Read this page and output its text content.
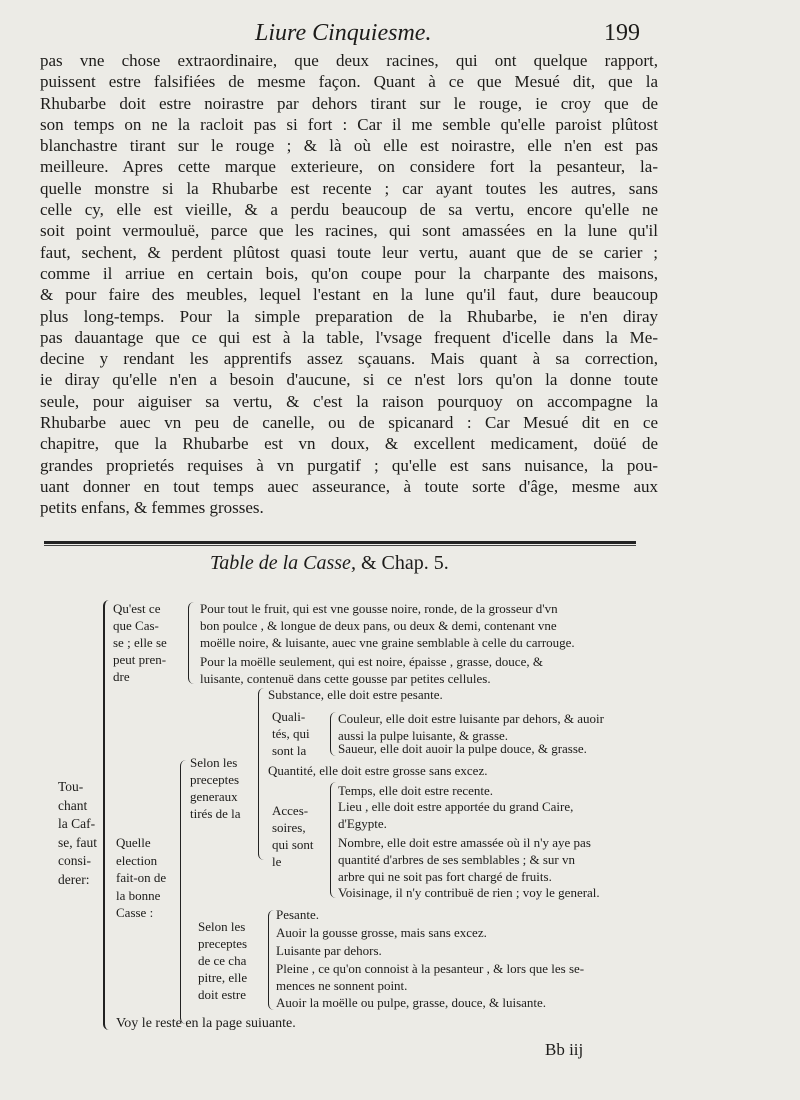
Liure Cinquiesme.	199
pas vne chose extraordinaire, que deux racines, qui ont quelque rapport,
puissent estre falsifiées de mesme façon. Quant à ce que Mesué dit, que la
Rhubarbe doit estre noirastre par dehors tirant sur le rouge, ie croy que de
son temps on ne la racloit pas si fort : Car il me semble qu'elle paroist plûtost
blanchastre tirant sur le rouge ; & là où elle est noirastre, elle n'en est pas
meilleure. Apres cette marque exterieure, on considere fort la pesanteur, la-
quelle monstre si la Rhubarbe est recente ; car ayant toutes les autres, sans
celle cy, elle est vieille, & a perdu beaucoup de sa vertu, encore qu'elle ne
soit point vermouluë, parce que les racines, qui sont amassées en la lune qu'il
faut, sechent, & perdent plûtost quasi toute leur vertu, auant que de se carier ;
comme il arriue en certain bois, qu'on coupe pour la charpante des maisons,
& pour faire des meubles, lequel l'estant en la lune qu'il faut, dure beaucoup
plus long-temps. Pour la simple preparation de la Rhubarbe, ie n'en diray
pas dauantage que ce qui est à la table, l'vsage frequent d'icelle dans la Me-
decine y rendant les apprentifs assez sçauans. Mais quant à sa correction,
ie diray qu'elle n'en a besoin d'aucune, si ce n'est lors qu'on la donne toute
seule, pour aiguiser sa vertu, & c'est la raison pourquoy on accompagne la
Rhubarbe auec vn peu de canelle, ou de spicanard : Car Mesué dit en ce
chapitre, que la Rhubarbe est vn doux, & excellent medicament, doüé de
grandes proprietés requises à vn purgatif ; qu'elle est sans nuisance, la pou-
uant donner en tout temps auec asseurance, à toute sorte d'âge, mesme aux
petits enfans, & femmes grosses.
Table de la Casse, & Chap. 5.
Tou-
chant
la Caf-
se, faut
consi-
derer:
Qu'est ce
que Cas-
se ; elle se
peut pren-
dre
Pour tout le fruit, qui est vne gousse noire, ronde, de la grosseur d'vn
bon poulce , & longue de deux pans, ou deux & demi, contenant vne
moëlle noire, & luisante, auec vne graine semblable à celle du carrouge.
Pour la moëlle seulement, qui est noire, épaisse , grasse, douce, &
luisante, contenuë dans cette gousse par petites cellules.
Quelle
election
fait-on de
la bonne
Casse :
Selon les
preceptes
generaux
tirés de la
Substance, elle doit estre pesante.
Quali-
tés, qui
sont la
Couleur, elle doit estre luisante par dehors, & auoir
aussi la pulpe luisante, & grasse.
Saueur, elle doit auoir la pulpe douce, & grasse.
Quantité, elle doit estre grosse sans excez.
Acces-
soires,
qui sont
le
Temps, elle doit estre recente.
Lieu , elle doit estre apportée du grand Caire,
d'Egypte.
Nombre, elle doit estre amassée où il n'y aye pas
quantité d'arbres de ses semblables ; & sur vn
arbre qui ne soit pas fort chargé de fruits.
Voisinage, il n'y contribuë de rien ; voy le general.
Selon les
preceptes
de ce cha
pitre, elle
doit estre
Pesante.
Auoir la gousse grosse, mais sans excez.
Luisante par dehors.
Pleine , ce qu'on connoist à la pesanteur , & lors que les se-
mences ne sonnent point.
Auoir la moëlle ou pulpe, grasse, douce, & luisante.
Voy le reste en la page suiuante.
Bb iij
